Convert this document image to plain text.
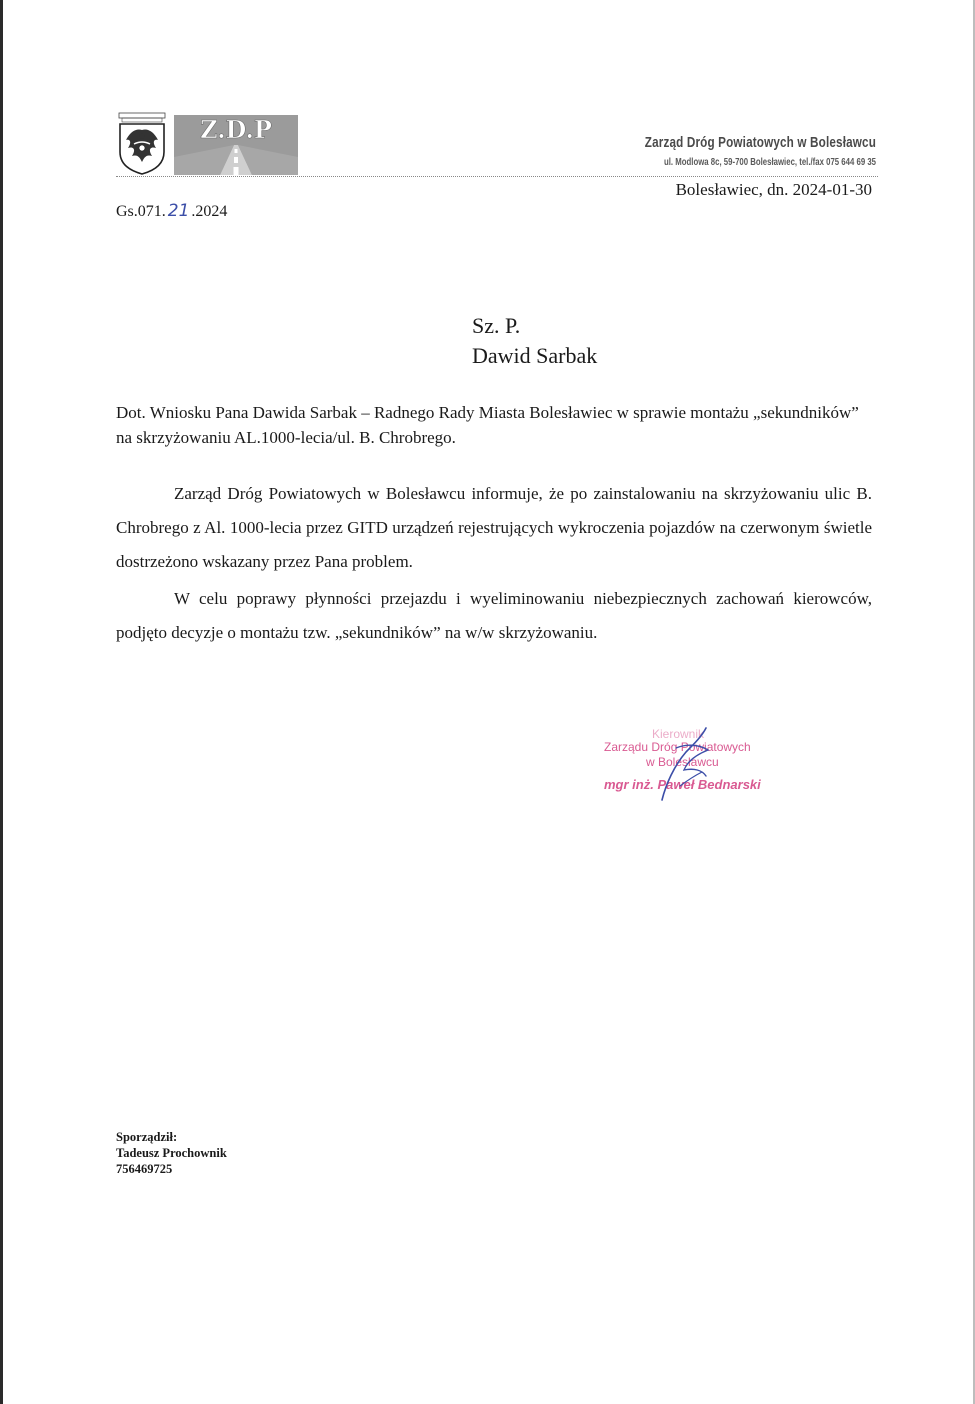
Z.D.P	Zarząd Dróg Powiatowych w Bolesławcu
ul. Modlowa 8c, 59-700 Bolesławiec, tel./fax 075 644 69 35
Bolesławiec, dn. 2024-01-30
Gs.071. 21 .2024
Sz. P.
Dawid Sarbak
Dot. Wniosku Pana Dawida Sarbak – Radnego Rady Miasta Bolesławiec w sprawie montażu „sekundników” na skrzyżowaniu AL.1000-lecia/ul. B. Chrobrego.
Zarząd Dróg Powiatowych w Bolesławcu informuje, że po zainstalowaniu na skrzyżowaniu ulic B. Chrobrego z Al. 1000-lecia przez GITD urządzeń rejestrujących wykroczenia pojazdów na czerwonym świetle dostrzeżono wskazany przez Pana problem.
W celu poprawy płynności przejazdu i wyeliminowaniu niebezpiecznych zachowań kierowców, podjęto decyzje o montażu tzw. „sekundników” na w/w skrzyżowaniu.
Kierownik
Zarządu Dróg Powiatowych
w Bolesławcu
mgr inż. Paweł Bednarski
Sporządził:
Tadeusz Prochownik
756469725
